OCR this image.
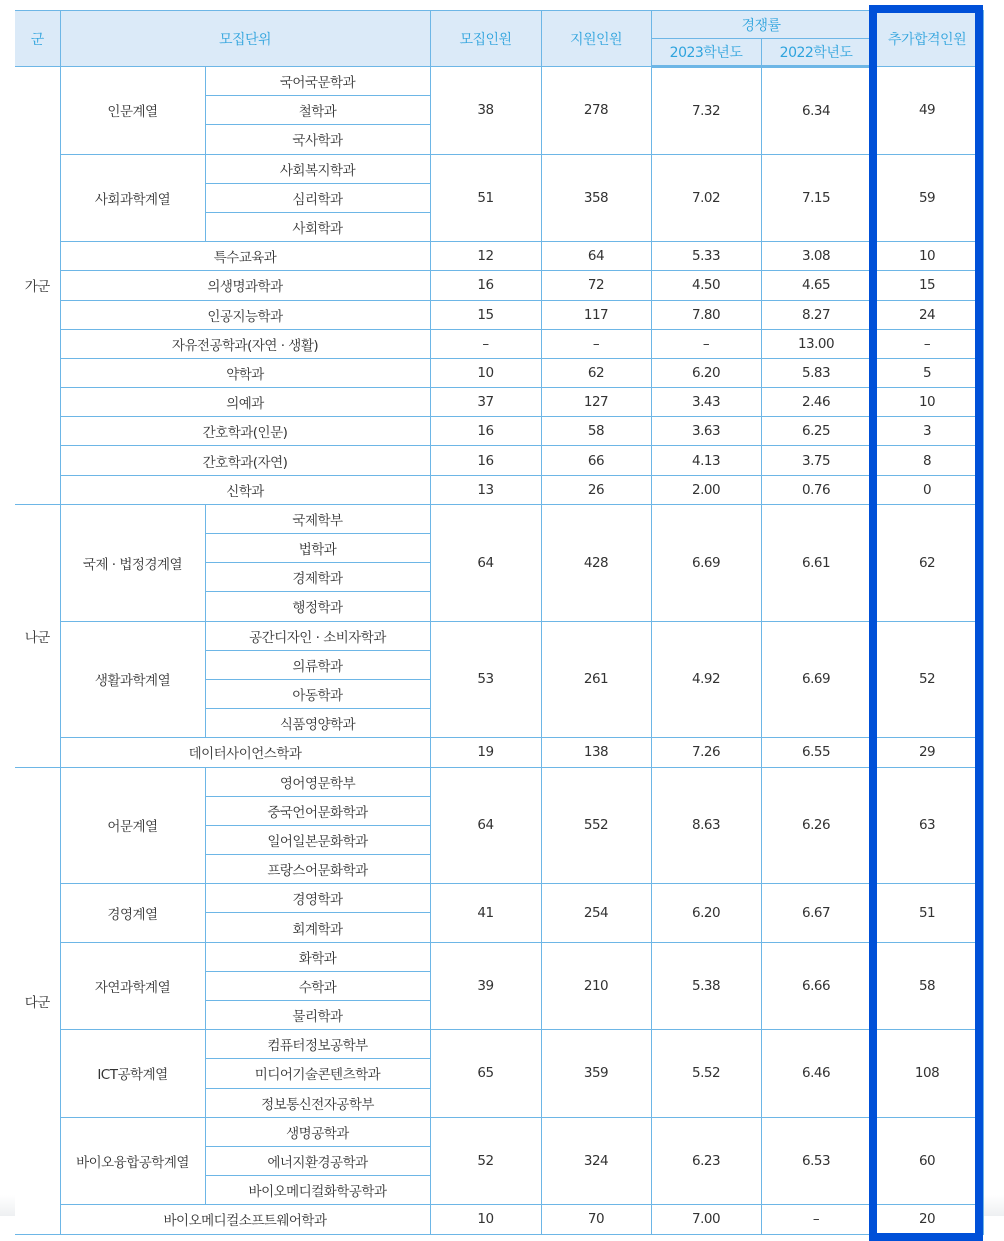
군	모집단위		모집인원	지원인원	경쟁률		추가합격인원
					2023학년도	2022학년도	
가군	인문계열	국어국문학과	38	278	7.32	6.34	49
		철학과					
		국사학과					
	사회과학계열	사회복지학과	51	358	7.02	7.15	59
		심리학과					
		사회학과					
	특수교육과		12	64	5.33	3.08	10
	의생명과학과		16	72	4.50	4.65	15
	인공지능학과		15	117	7.80	8.27	24
	자유전공학과(자연 · 생활)		–	–	–	13.00	–
	약학과		10	62	6.20	5.83	5
	의예과		37	127	3.43	2.46	10
	간호학과(인문)		16	58	3.63	6.25	3
	간호학과(자연)		16	66	4.13	3.75	8
	신학과		13	26	2.00	0.76	0
나군	국제 · 법정경계열	국제학부	64	428	6.69	6.61	62
		법학과					
		경제학과					
		행정학과					
	생활과학계열	공간디자인 · 소비자학과	53	261	4.92	6.69	52
		의류학과					
		아동학과					
		식품영양학과					
	데이터사이언스학과		19	138	7.26	6.55	29
다군	어문계열	영어영문학부	64	552	8.63	6.26	63
		중국언어문화학과					
		일어일본문화학과					
		프랑스어문화학과					
	경영계열	경영학과	41	254	6.20	6.67	51
		회계학과					
	자연과학계열	화학과	39	210	5.38	6.66	58
		수학과					
		물리학과					
	ICT공학계열	컴퓨터정보공학부	65	359	5.52	6.46	108
		미디어기술콘텐츠학과					
		정보통신전자공학부					
	바이오융합공학계열	생명공학과	52	324	6.23	6.53	60
		에너지환경공학과					
		바이오메디컬화학공학과					
	바이오메디컬소프트웨어학과		10	70	7.00	–	20
